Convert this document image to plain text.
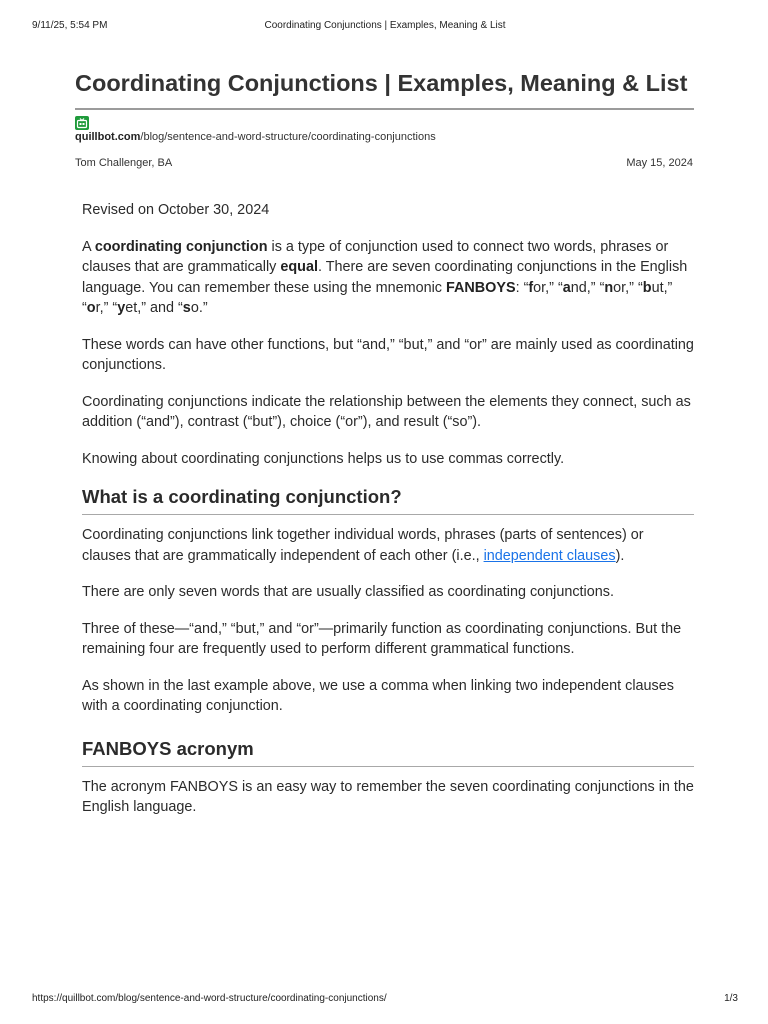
9/11/25, 5:54 PM	Coordinating Conjunctions | Examples, Meaning & List
Coordinating Conjunctions | Examples, Meaning & List
quillbot.com/blog/sentence-and-word-structure/coordinating-conjunctions
Tom Challenger, BA	May 15, 2024

Revised on October 30, 2024

A coordinating conjunction is a type of conjunction used to connect two words, phrases or clauses that are grammatically equal. There are seven coordinating conjunctions in the English language. You can remember these using the mnemonic FANBOYS: “for,” “and,” “nor,” “but,” “or,” “yet,” and “so.”

These words can have other functions, but “and,” “but,” and “or” are mainly used as coordinating conjunctions.

Coordinating conjunctions indicate the relationship between the elements they connect, such as addition (“and”), contrast (“but”), choice (“or”), and result (“so”).

Knowing about coordinating conjunctions helps us to use commas correctly.

What is a coordinating conjunction?

Coordinating conjunctions link together individual words, phrases (parts of sentences) or clauses that are grammatically independent of each other (i.e., independent clauses).

There are only seven words that are usually classified as coordinating conjunctions.

Three of these—“and,” “but,” and “or”—primarily function as coordinating conjunctions. But the remaining four are frequently used to perform different grammatical functions.

As shown in the last example above, we use a comma when linking two independent clauses with a coordinating conjunction.

FANBOYS acronym

The acronym FANBOYS is an easy way to remember the seven coordinating conjunctions in the English language.

https://quillbot.com/blog/sentence-and-word-structure/coordinating-conjunctions/	1/3
